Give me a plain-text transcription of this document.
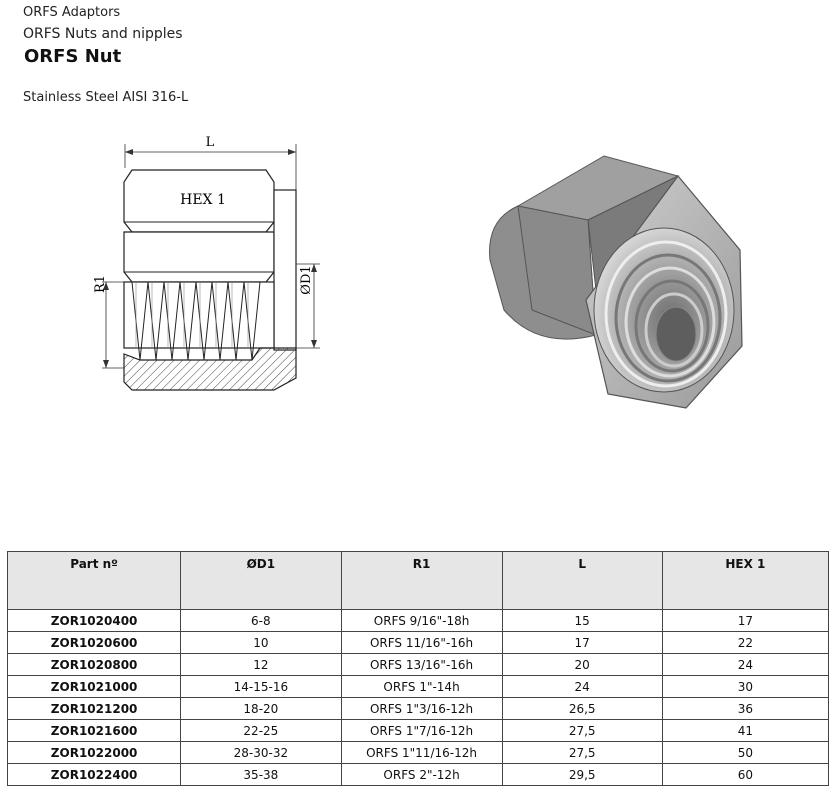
ORFS Adaptors
ORFS Nuts and nipples
ORFS Nut
Stainless Steel AISI 316-L
L
HEX 1
R1	ØD1
Part nº	ØD1	R1	L	HEX 1
ZOR1020400	6-8	ORFS 9/16"-18h	15	17
ZOR1020600	10	ORFS 11/16"-16h	17	22
ZOR1020800	12	ORFS 13/16"-16h	20	24
ZOR1021000	14-15-16	ORFS 1"-14h	24	30
ZOR1021200	18-20	ORFS 1"3/16-12h	26,5	36
ZOR1021600	22-25	ORFS 1"7/16-12h	27,5	41
ZOR1022000	28-30-32	ORFS 1"11/16-12h	27,5	50
ZOR1022400	35-38	ORFS 2"-12h	29,5	60
